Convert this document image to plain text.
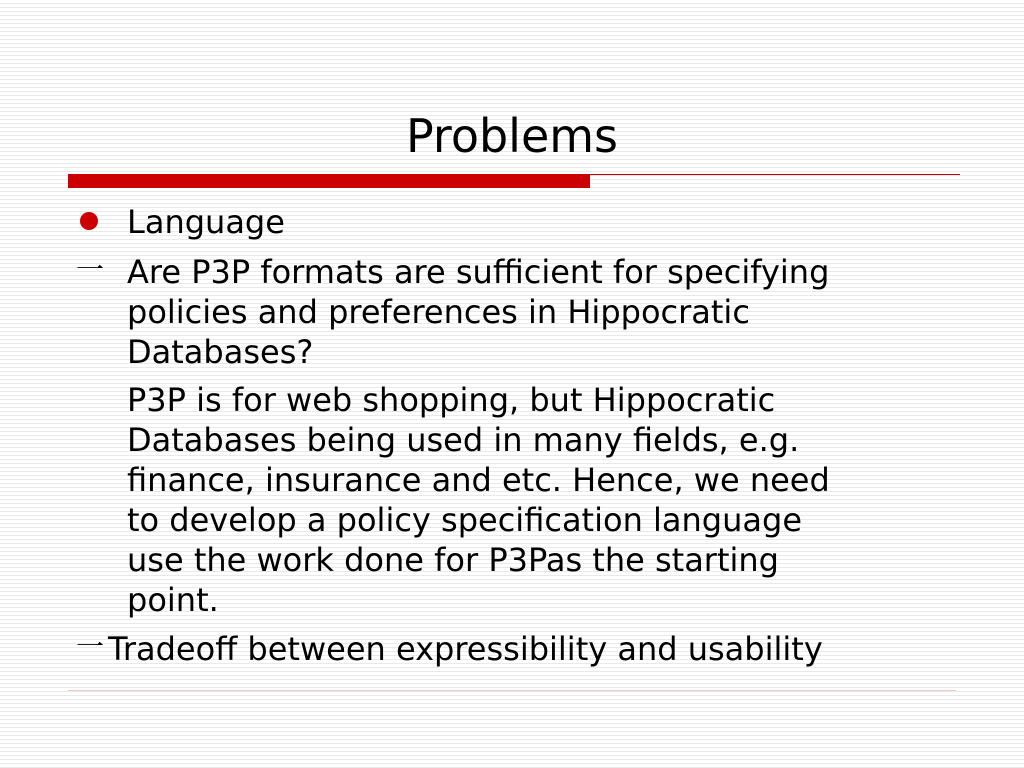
Problems

Language

一 Are P3P formats are sufficient for specifying
policies and preferences in Hippocratic
Databases?

P3P is for web shopping, but Hippocratic
Databases being used in many fields, e.g.
finance, insurance and etc. Hence, we need
to develop a policy specification language
use the work done for P3Pas the starting
point.

一 Tradeoff between expressibility and usability
